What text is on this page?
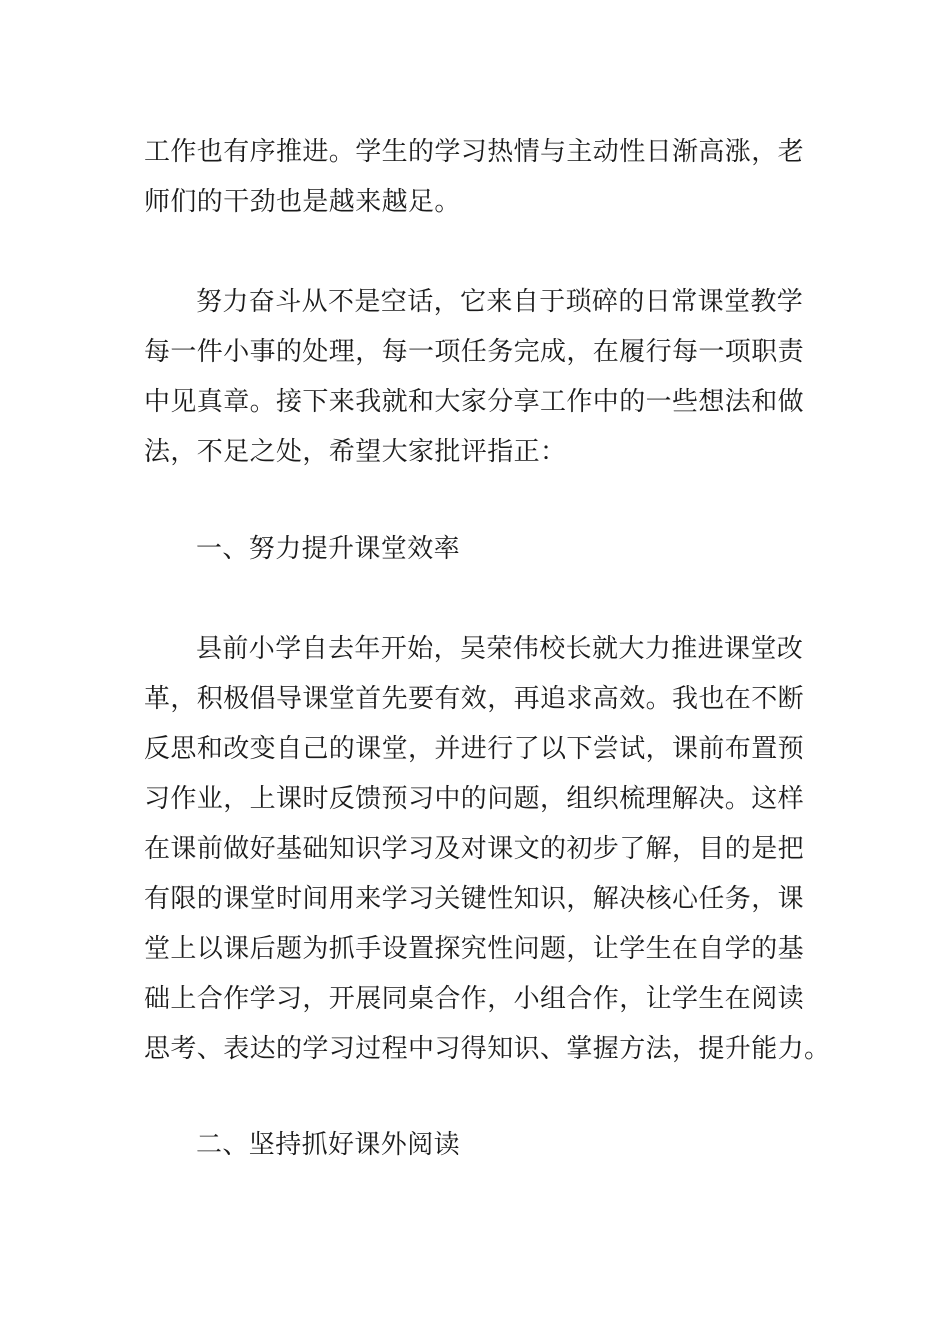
工作也有序推进。学生的学习热情与主动性日渐高涨，老
师们的干劲也是越来越足。

努力奋斗从不是空话，它来自于琐碎的日常课堂教学
每一件小事的处理，每一项任务完成，在履行每一项职责
中见真章。接下来我就和大家分享工作中的一些想法和做
法，不足之处，希望大家批评指正：

一、努力提升课堂效率

县前小学自去年开始，吴荣伟校长就大力推进课堂改
革，积极倡导课堂首先要有效，再追求高效。我也在不断
反思和改变自己的课堂，并进行了以下尝试，课前布置预
习作业，上课时反馈预习中的问题，组织梳理解决。这样
在课前做好基础知识学习及对课文的初步了解，目的是把
有限的课堂时间用来学习关键性知识，解决核心任务，课
堂上以课后题为抓手设置探究性问题，让学生在自学的基
础上合作学习，开展同桌合作，小组合作，让学生在阅读
思考、表达的学习过程中习得知识、掌握方法，提升能力。

二、坚持抓好课外阅读
